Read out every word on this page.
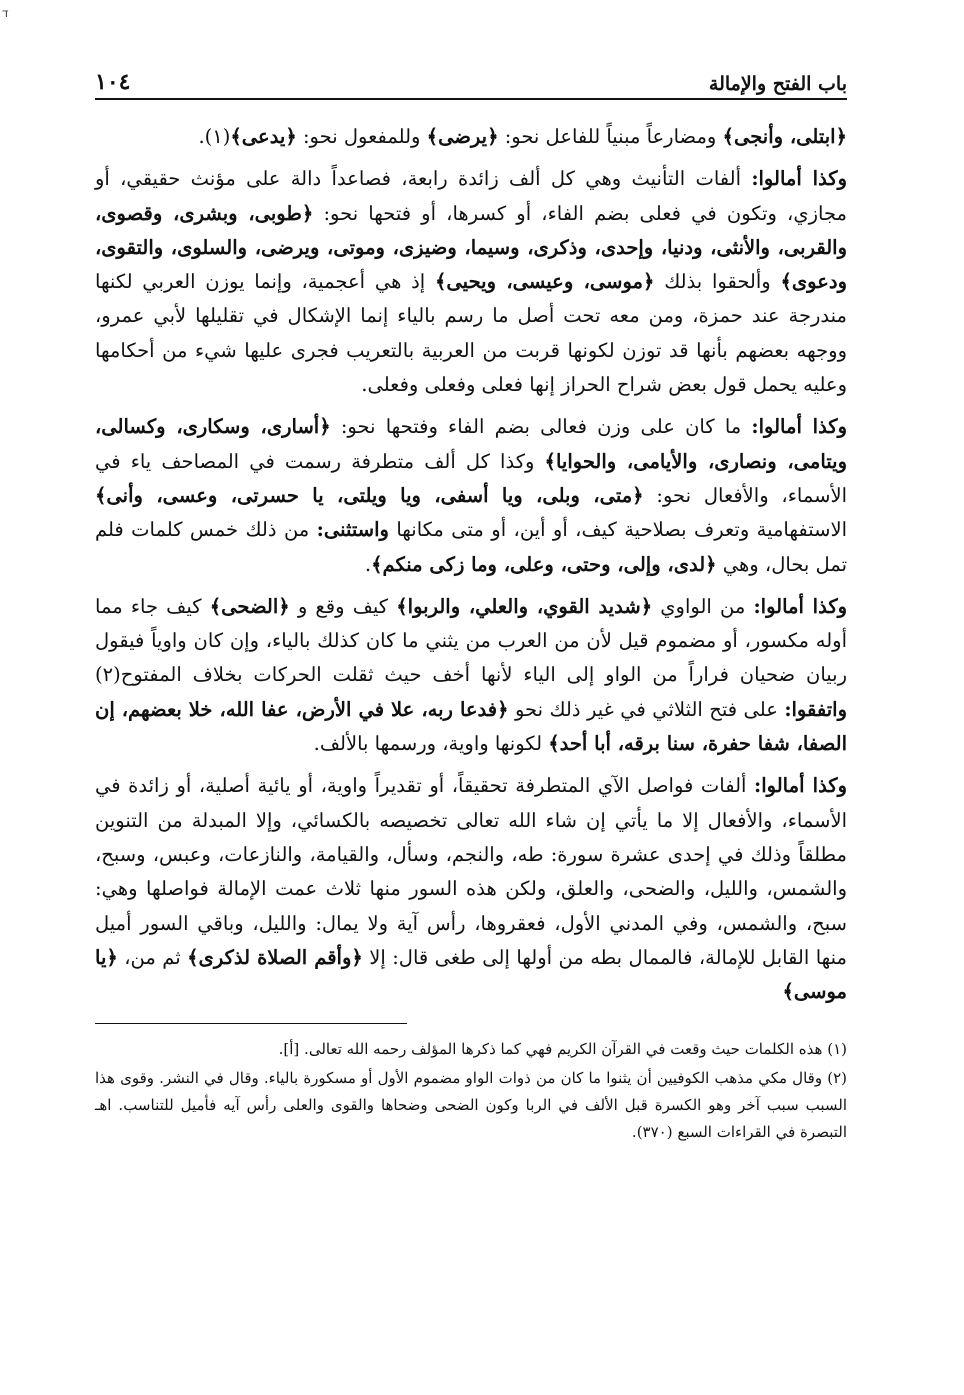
ד
باب الفتح والإمالة
١٠٤

﴿ابتلى، وأنجى﴾ ومضارعاً مبنياً للفاعل نحو: ﴿يرضى﴾ وللمفعول نحو: ﴿يدعى﴾(١).

وكذا أمالوا: ألفات التأنيث وهي كل ألف زائدة رابعة، فصاعداً دالة على مؤنث حقيقي، أو مجازي، وتكون في فعلى بضم الفاء، أو كسرها، أو فتحها نحو: ﴿طوبى، وبشرى، وقصوى، والقربى، والأنثى، ودنيا، وإحدى، وذكرى، وسيما، وضيزى، وموتى، ويرضى، والسلوى، والتقوى، ودعوى﴾ وألحقوا بذلك ﴿موسى، وعيسى، ويحيى﴾ إذ هي أعجمية، وإنما يوزن العربي لكنها مندرجة عند حمزة، ومن معه تحت أصل ما رسم بالياء إنما الإشكال في تقليلها لأبي عمرو، ووجهه بعضهم بأنها قد توزن لكونها قربت من العربية بالتعريب فجرى عليها شيء من أحكامها وعليه يحمل قول بعض شراح الحراز إنها فعلى وفعلى وفعلى.

وكذا أمالوا: ما كان على وزن فعالى بضم الفاء وفتحها نحو: ﴿أسارى، وسكارى، وكسالى، ويتامى، ونصارى، والأيامى، والحوايا﴾ وكذا كل ألف متطرفة رسمت في المصاحف ياء في الأسماء، والأفعال نحو: ﴿متى، وبلى، ويا أسفى، ويا ويلتى، يا حسرتى، وعسى، وأنى﴾ الاستفهامية وتعرف بصلاحية كيف، أو أين، أو متى مكانها واستثنى: من ذلك خمس كلمات فلم تمل بحال، وهي ﴿لدى، وإلى، وحتى، وعلى، وما زكى منكم﴾.

وكذا أمالوا: من الواوي ﴿شديد القوي، والعلي، والربوا﴾ كيف وقع و ﴿الضحى﴾ كيف جاء مما أوله مكسور، أو مضموم قيل لأن من العرب من يثني ما كان كذلك بالياء، وإن كان واوياً فيقول ربيان ضحيان فراراً من الواو إلى الياء لأنها أخف حيث ثقلت الحركات بخلاف المفتوح(٢) واتفقوا: على فتح الثلاثي في غير ذلك نحو ﴿فدعا ربه، علا في الأرض، عفا الله، خلا بعضهم، إن الصفا، شفا حفرة، سنا برقه، أبا أحد﴾ لكونها واوية، ورسمها بالألف.

وكذا أمالوا: ألفات فواصل الآي المتطرفة تحقيقاً، أو تقديراً واوية، أو يائية أصلية، أو زائدة في الأسماء، والأفعال إلا ما يأتي إن شاء الله تعالى تخصيصه بالكسائي، وإلا المبدلة من التنوين مطلقاً وذلك في إحدى عشرة سورة: طه، والنجم، وسأل، والقيامة، والنازعات، وعبس، وسبح، والشمس، والليل، والضحى، والعلق، ولكن هذه السور منها ثلاث عمت الإمالة فواصلها وهي: سبح، والشمس، وفي المدني الأول، فعقروها، رأس آية ولا يمال: والليل، وباقي السور أميل منها القابل للإمالة، فالممال بطه من أولها إلى طغى قال: إلا ﴿وأقم الصلاة لذكرى﴾ ثم من، ﴿يا موسى﴾

(١) هذه الكلمات حيث وقعت في القرآن الكريم فهي كما ذكرها المؤلف رحمه الله تعالى. [أ].

(٢) وقال مكي مذهب الكوفيين أن يثنوا ما كان من ذوات الواو مضموم الأول أو مسكورة بالياء. وقال في النشر. وقوى هذا السبب سبب آخر وهو الكسرة قبل الألف في الربا وكون الضحى وضحاها والقوى والعلى رأس آيه فأميل للتناسب. اهـ التبصرة في القراءات السبع (٣٧٠).
